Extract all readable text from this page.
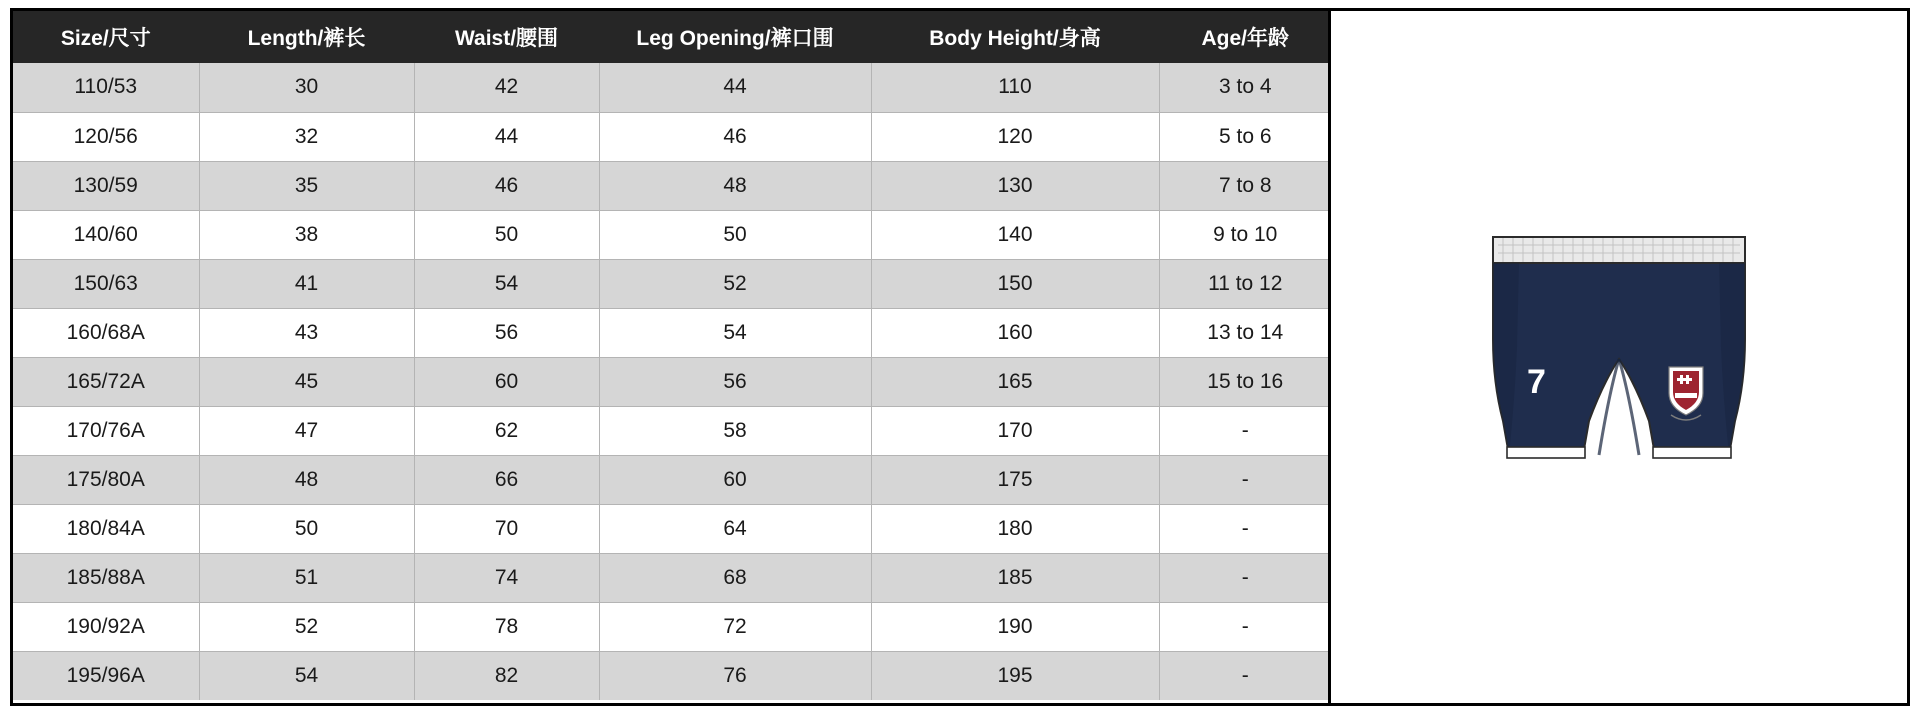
Size/尺寸	Length/裤长	Waist/腰围	Leg Opening/裤口围	Body Height/身高	Age/年龄
110/53	30	42	44	110	3 to 4
120/56	32	44	46	120	5 to 6
130/59	35	46	48	130	7 to 8
140/60	38	50	50	140	9 to 10
150/63	41	54	52	150	11 to 12
160/68A	43	56	54	160	13 to 14
165/72A	45	60	56	165	15 to 16
170/76A	47	62	58	170	-
175/80A	48	66	60	175	-
180/84A	50	70	64	180	-
185/88A	51	74	68	185	-
190/92A	52	78	72	190	-
195/96A	54	82	76	195	-
7
